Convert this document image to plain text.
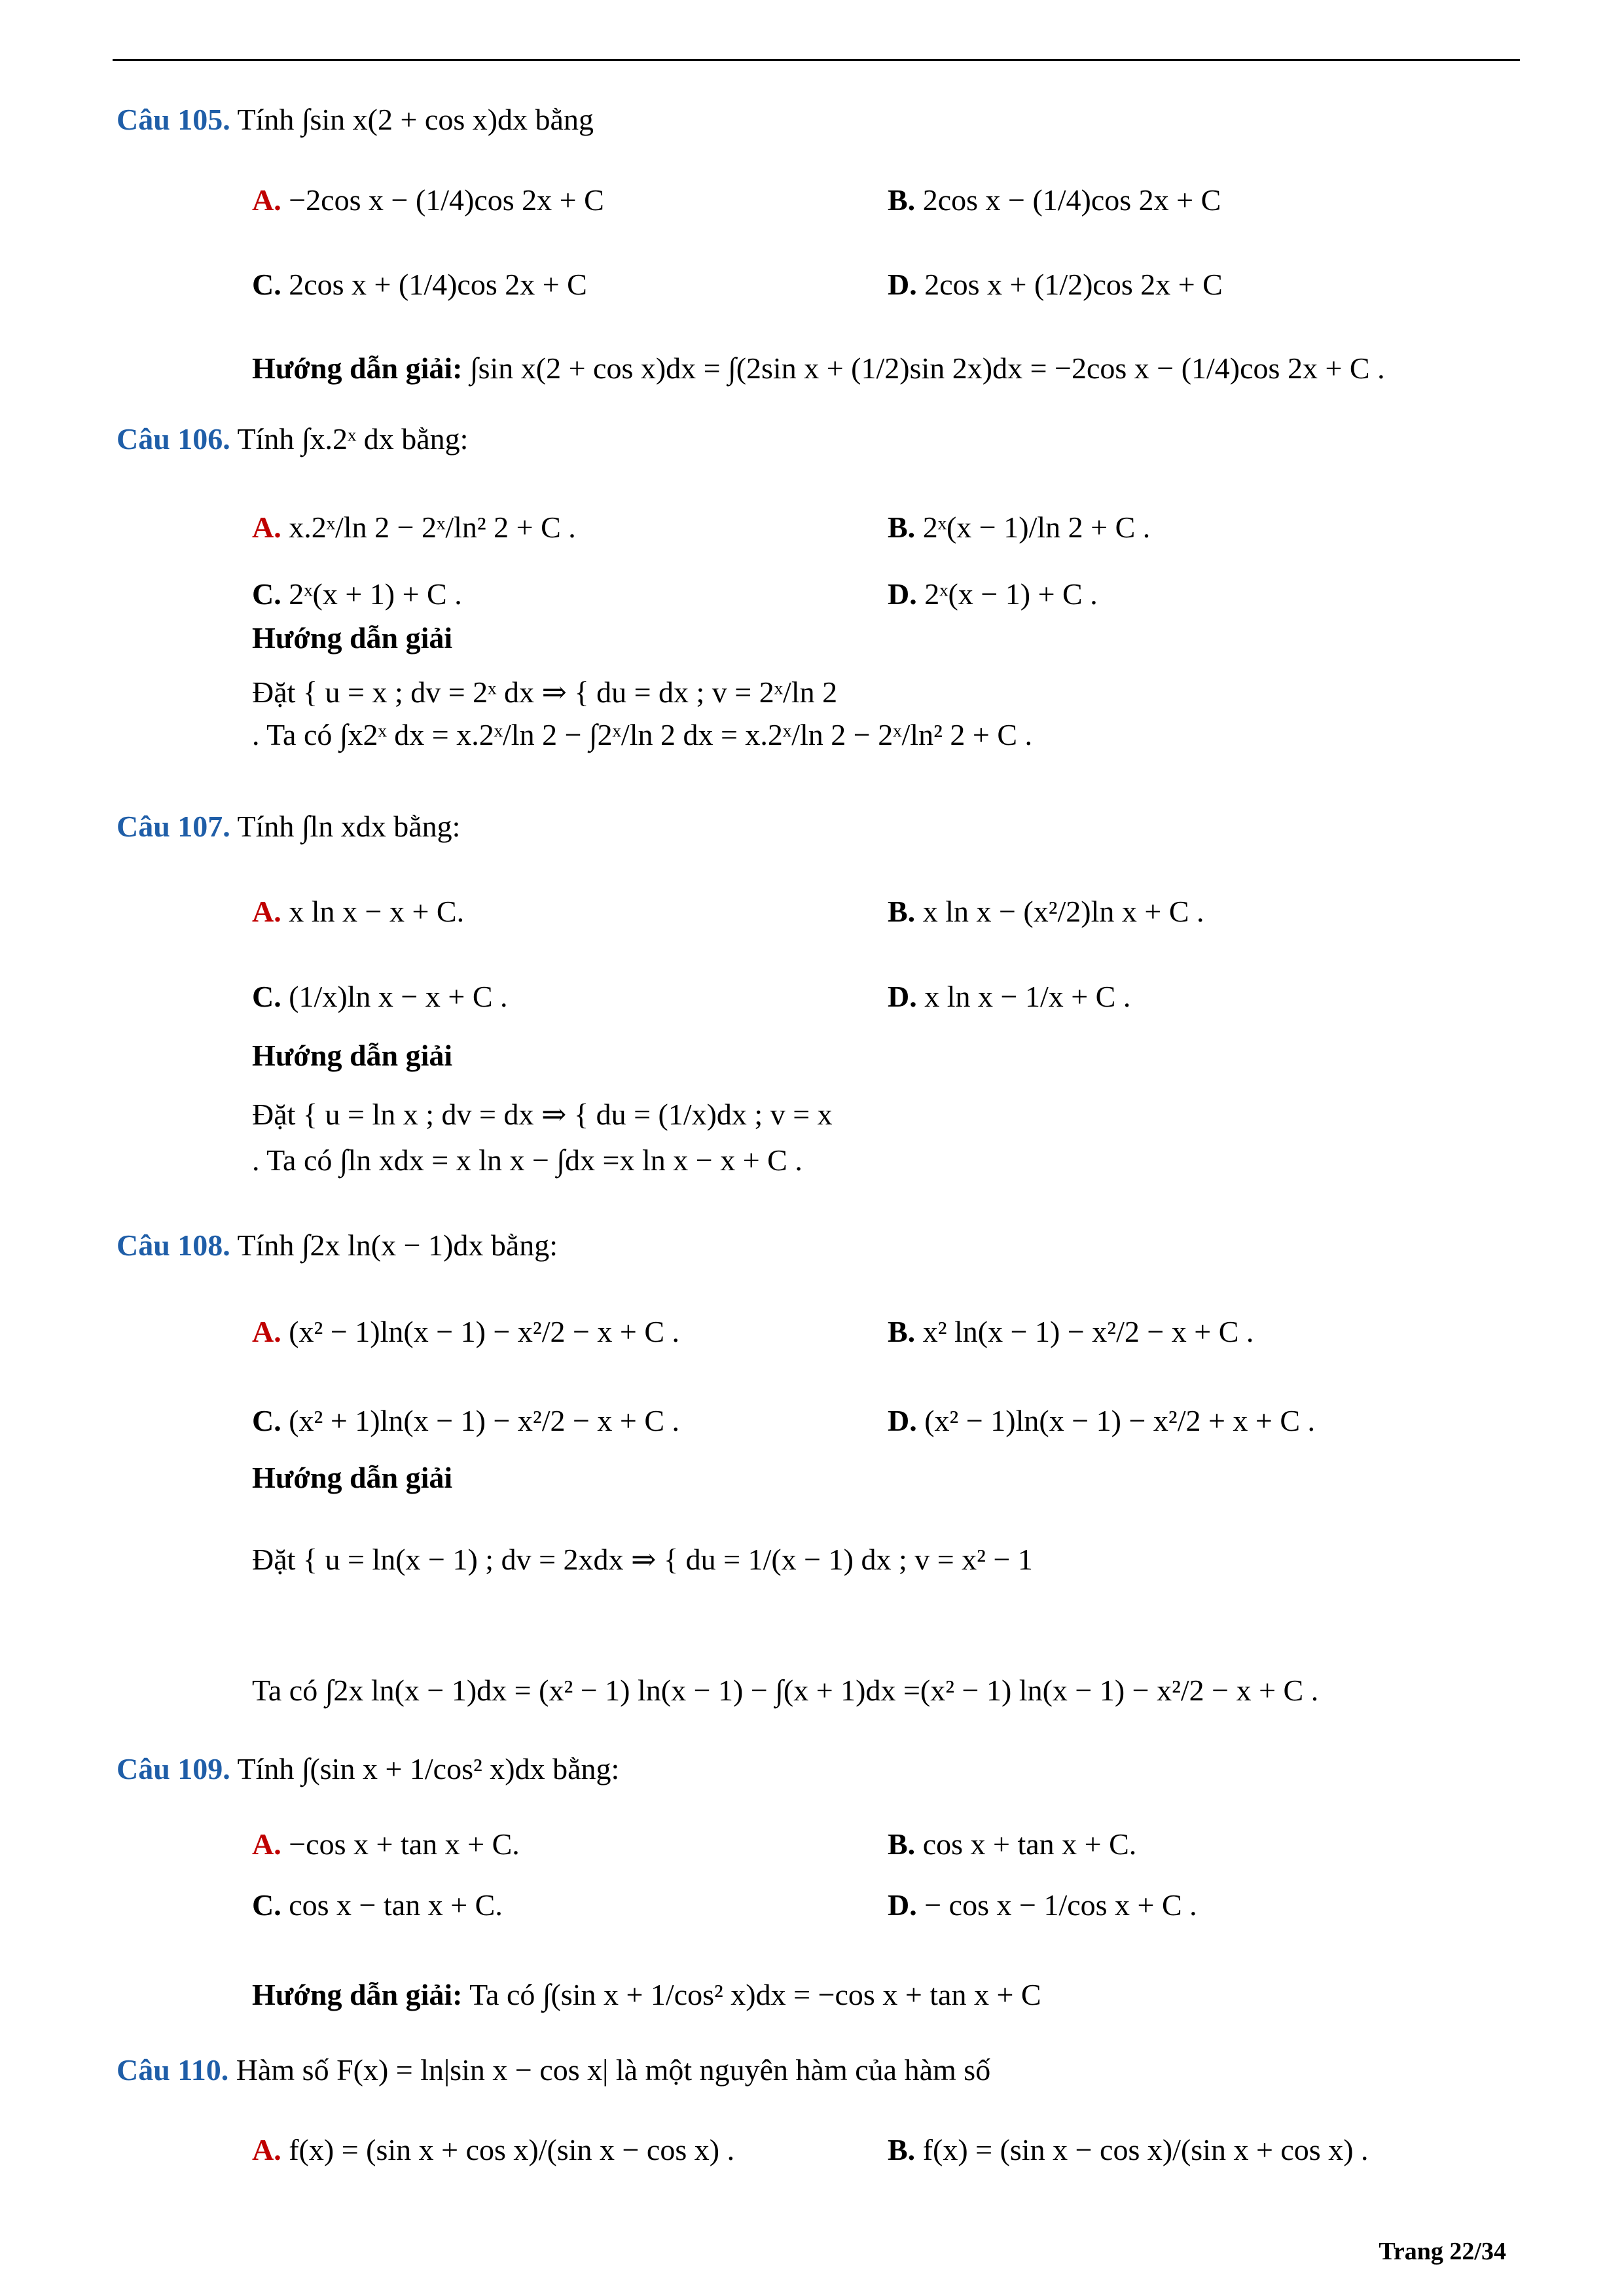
Câu 105. Tính ∫sin x(2 + cos x)dx bằng
A. −2cos x − (1/4)cos 2x + C	B. 2cos x − (1/4)cos 2x + C
C. 2cos x + (1/4)cos 2x + C	D. 2cos x + (1/2)cos 2x + C
Hướng dẫn giải: ∫sin x(2 + cos x)dx = ∫(2sin x + (1/2)sin 2x)dx = −2cos x − (1/4)cos 2x + C .
Câu 106. Tính ∫x.2ˣ dx bằng:
A. x.2ˣ/ln 2 − 2ˣ/ln² 2 + C .	B. 2ˣ(x − 1)/ln 2 + C .
C. 2ˣ(x + 1) + C .	D. 2ˣ(x − 1) + C .
Hướng dẫn giải
Đặt { u = x ; dv = 2ˣ dx ⇒ { du = dx ; v = 2ˣ/ln 2
. Ta có ∫x2ˣ dx = x.2ˣ/ln 2 − ∫2ˣ/ln 2 dx = x.2ˣ/ln 2 − 2ˣ/ln² 2 + C .
Câu 107. Tính ∫ln xdx bằng:
A. x ln x − x + C.	B. x ln x − (x²/2)ln x + C .
C. (1/x)ln x − x + C .	D. x ln x − 1/x + C .
Hướng dẫn giải
Đặt { u = ln x ; dv = dx ⇒ { du = (1/x)dx ; v = x
. Ta có ∫ln xdx = x ln x − ∫dx =x ln x − x + C .
Câu 108. Tính ∫2x ln(x − 1)dx bằng:
A. (x² − 1)ln(x − 1) − x²/2 − x + C .	B. x² ln(x − 1) − x²/2 − x + C .
C. (x² + 1)ln(x − 1) − x²/2 − x + C .	D. (x² − 1)ln(x − 1) − x²/2 + x + C .
Hướng dẫn giải
Đặt { u = ln(x − 1) ; dv = 2xdx ⇒ { du = 1/(x − 1) dx ; v = x² − 1
Ta có ∫2x ln(x − 1)dx = (x² − 1) ln(x − 1) − ∫(x + 1)dx =(x² − 1) ln(x − 1) − x²/2 − x + C .
Câu 109. Tính ∫(sin x + 1/cos² x)dx bằng:
A. −cos x + tan x + C.	B. cos x + tan x + C.
C. cos x − tan x + C.	D. − cos x − 1/cos x + C .
Hướng dẫn giải: Ta có ∫(sin x + 1/cos² x)dx = −cos x + tan x + C
Câu 110. Hàm số F(x) = ln|sin x − cos x| là một nguyên hàm của hàm số
A. f(x) = (sin x + cos x)/(sin x − cos x) .	B. f(x) = (sin x − cos x)/(sin x + cos x) .
Trang 22/34
